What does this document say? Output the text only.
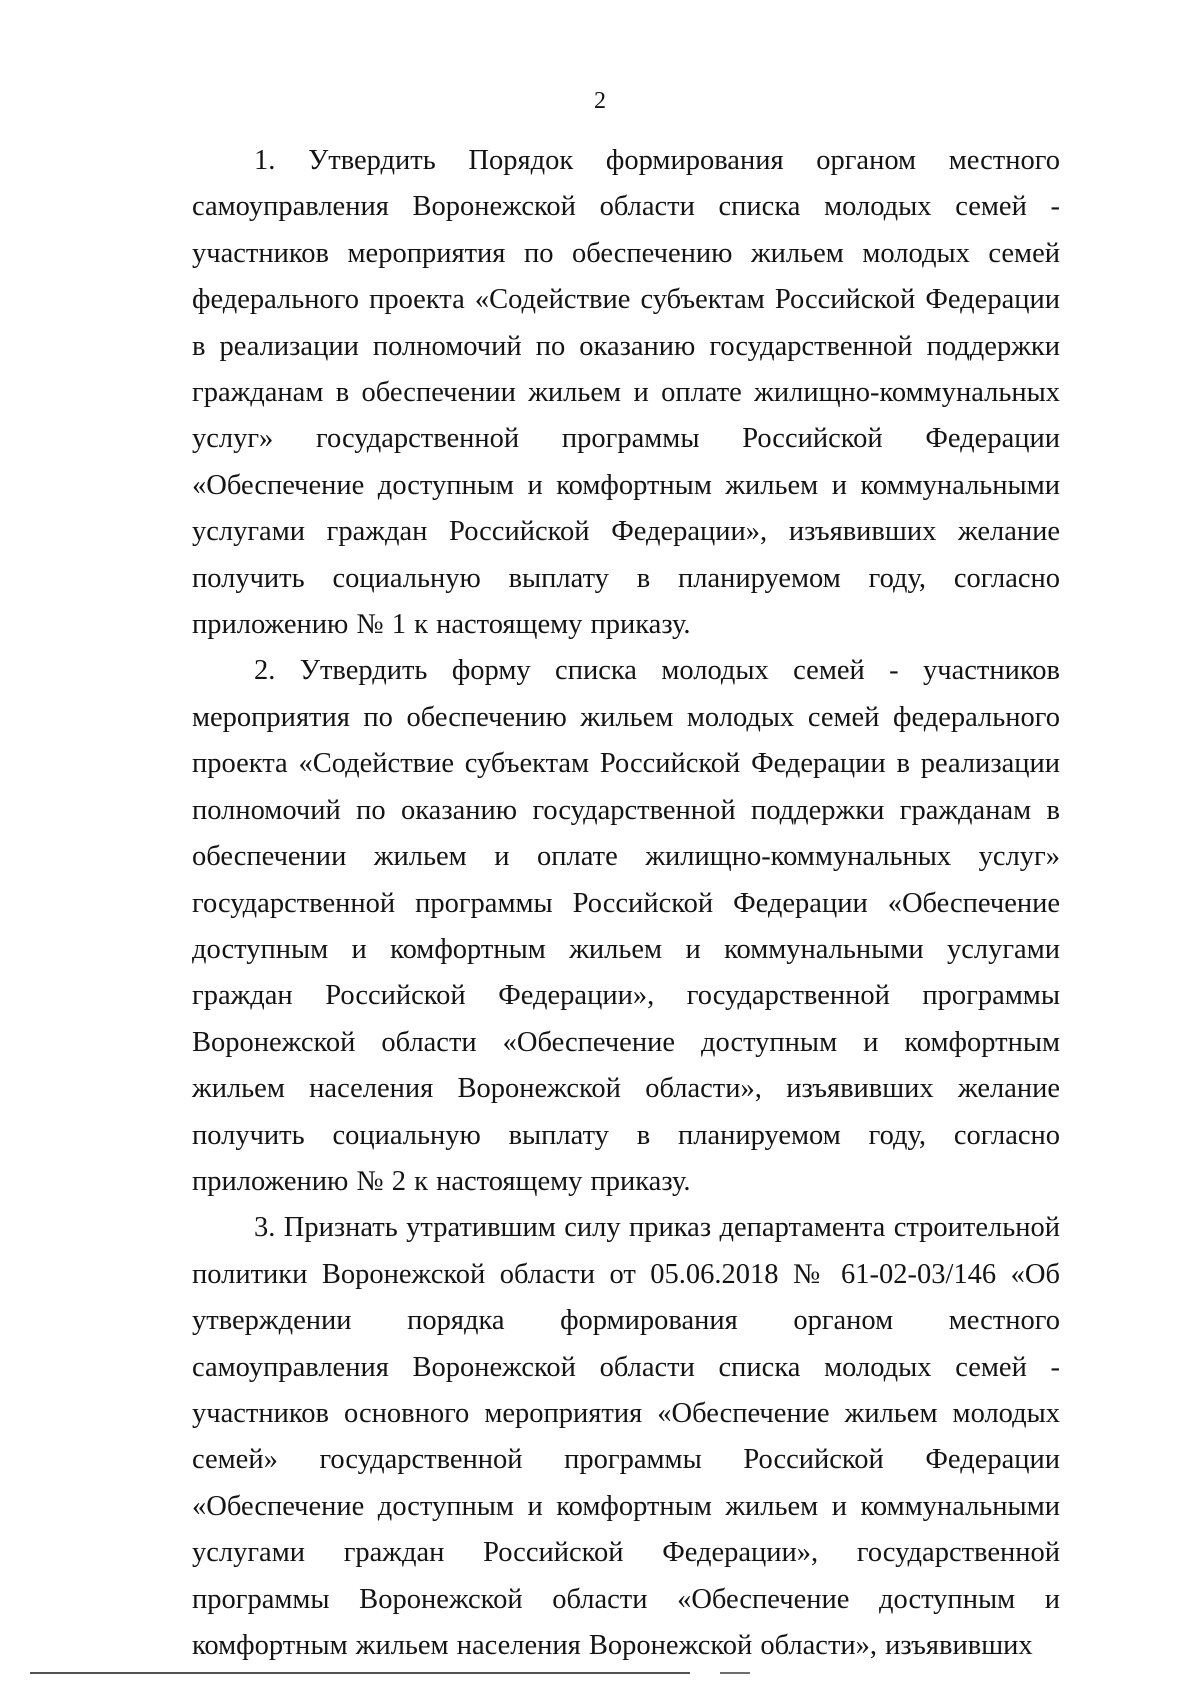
2

1. Утвердить Порядок формирования органом местного самоуправления Воронежской области списка молодых семей - участников мероприятия по обеспечению жильем молодых семей федерального проекта «Содействие субъектам Российской Федерации в реализации полномочий по оказанию государственной поддержки гражданам в обеспечении жильем и оплате жилищно-коммунальных услуг» государственной программы Российской Федерации «Обеспечение доступным и комфортным жильем и коммунальными услугами граждан Российской Федерации», изъявивших желание получить социальную выплату в планируемом году, согласно приложению № 1 к настоящему приказу.

2. Утвердить форму списка молодых семей - участников мероприятия по обеспечению жильем молодых семей федерального проекта «Содействие субъектам Российской Федерации в реализации полномочий по оказанию государственной поддержки гражданам в обеспечении жильем и оплате жилищно-коммунальных услуг» государственной программы Российской Федерации «Обеспечение доступным и комфортным жильем и коммунальными услугами граждан Российской Федерации», государственной программы Воронежской области «Обеспечение доступным и комфортным жильем населения Воронежской области», изъявивших желание получить социальную выплату в планируемом году, согласно приложению № 2 к настоящему приказу.

3. Признать утратившим силу приказ департамента строительной политики Воронежской области от 05.06.2018 № 61-02-03/146 «Об утверждении порядка формирования органом местного самоуправления Воронежской области списка молодых семей - участников основного мероприятия «Обеспечение жильем молодых семей» государственной программы Российской Федерации «Обеспечение доступным и комфортным жильем и коммунальными услугами граждан Российской Федерации», государственной программы Воронежской области «Обеспечение доступным и комфортным жильем населения Воронежской области», изъявивших
